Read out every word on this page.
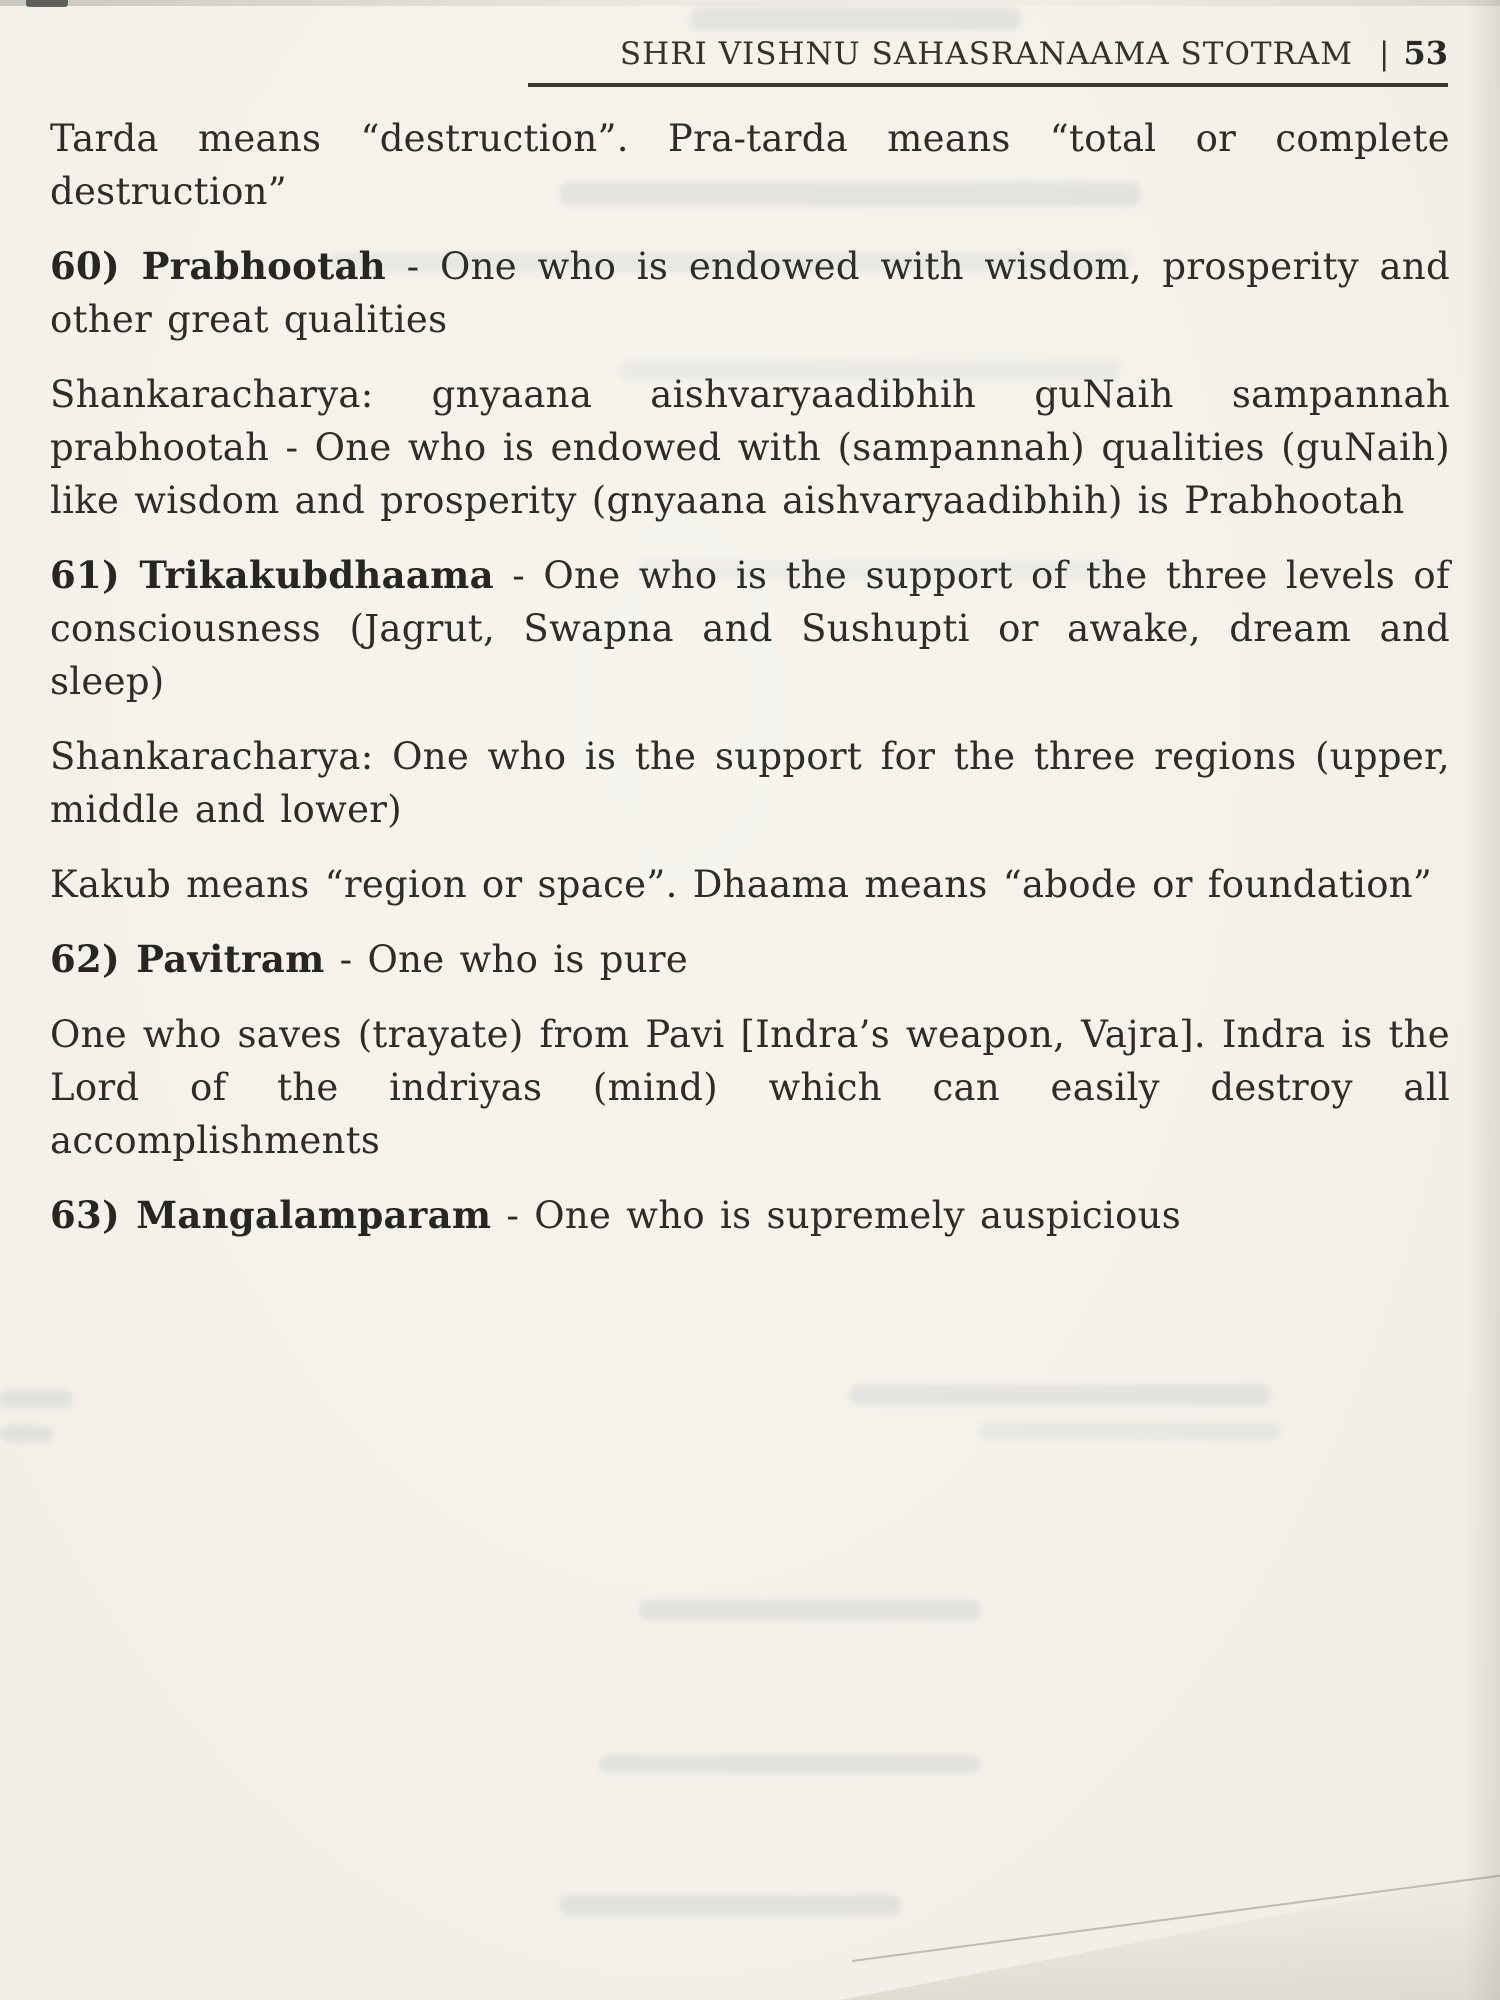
SHRI VISHNU SAHASRANAAMA STOTRAM | 53

Tarda means “destruction”. Pra-tarda means “total or complete destruction”

60) Prabhootah - One who is endowed with wisdom, prosperity and other great qualities

Shankaracharya: gnyaana aishvaryaadibhih guNaih sampannah prabhootah - One who is endowed with (sampannah) qualities (guNaih) like wisdom and prosperity (gnyaana aishvaryaadibhih) is Prabhootah

61) Trikakubdhaama - One who is the support of the three levels of consciousness (Jagrut, Swapna and Sushupti or awake, dream and sleep)

Shankaracharya: One who is the support for the three regions (upper, middle and lower)

Kakub means “region or space”. Dhaama means “abode or foundation”

62) Pavitram - One who is pure

One who saves (trayate) from Pavi [Indra’s weapon, Vajra]. Indra is the Lord of the indriyas (mind) which can easily destroy all accomplishments

63) Mangalamparam - One who is supremely auspicious
